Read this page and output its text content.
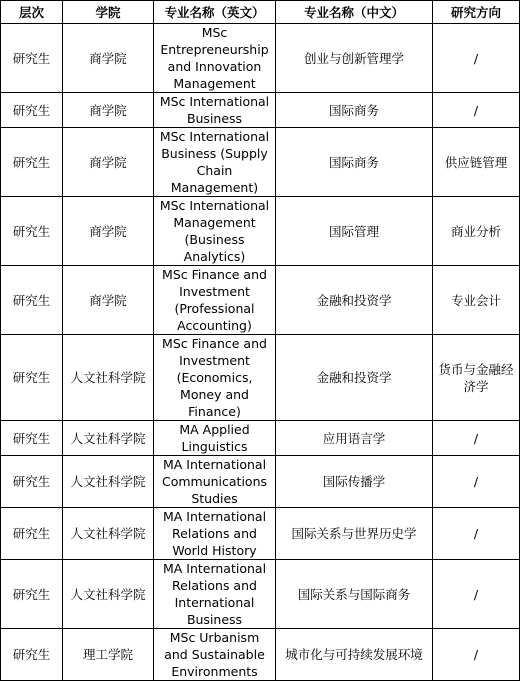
层次	学院	专业名称（英文）	专业名称（中文）	研究方向
研究生	商学院	MSc Entrepreneurship and Innovation Management	创业与创新管理学	/
研究生	商学院	MSc International Business	国际商务	/
研究生	商学院	MSc International Business (Supply Chain Management)	国际商务	供应链管理
研究生	商学院	MSc International Management (Business Analytics)	国际管理	商业分析
研究生	商学院	MSc Finance and Investment (Professional Accounting)	金融和投资学	专业会计
研究生	人文社科学院	MSc Finance and Investment (Economics, Money and Finance)	金融和投资学	货币与金融经济学
研究生	人文社科学院	MA Applied Linguistics	应用语言学	/
研究生	人文社科学院	MA International Communications Studies	国际传播学	/
研究生	人文社科学院	MA International Relations and World History	国际关系与世界历史学	/
研究生	人文社科学院	MA International Relations and International Business	国际关系与国际商务	/
研究生	理工学院	MSc Urbanism and Sustainable Environments	城市化与可持续发展环境	/
